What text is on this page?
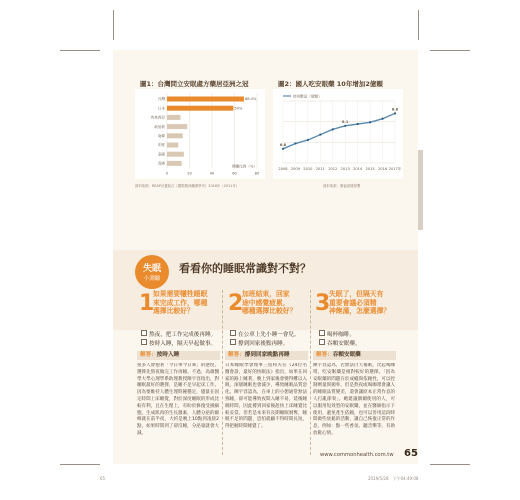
圖1：台灣問立安眠處方藥居亞洲之冠
0	20	40	60	80
開藥比例（%）
台灣	68.4%
日本	59%
馬來西亞
新加坡
南韓
印度
泰國
香港
資料來源：REAP計畫結合《國際精神藥理學刊》2016年（2011年）
圖2：國人吃安眠藥 10年增加2億顆
2008 2009 2010 2011 2012 2013 2014 2015 2016 2017年
使用數量（億顆）
6.8
8.1
8.8
資料來源：衛福部健保署
失眠
小測驗
看看你的睡眠常識對不對？
1
如果需要犧牲睡眠
來完成工作，哪種
選擇比較好？
熬夜，把工作完成後再睡。
按時入睡，隔天早起做事。
2
加班結束，回家
途中感覺疲累，
哪種選擇比較好？
在公車上先小睡一會兒。
撐到回家後點再睡。
3
失眠了，但隔天有
重要會議必須精
神飽滿，怎麼選擇？
喝杯咖啡。
吞顆安眠藥。
解答：按時入睡	解答：撐到回家晚點再睡	解答：吞顆安眠藥
很多人會抱著「今日事今日畢」的態度，選擇先熬夜做完工作再睡。不過，高雄醫學大學心理學系助理教授陳宇容指出，對睡眠最好的選擇，是睡不足早起床工作。因為要維持人體生理時鐘穩定，儘量在固定時間上床睡覺，對於深度睡眠的形成比較有利，且在生理上，有助於修復受損細胞，生成肌肉的生長激素，人體分泌的巔峰就在前半夜，大約是晚上10點到凌晨2點，如果時間到了卻沒睡，分泌量就會大減。
日本睡眠學會理事三島和夫在《24位名醫會診，最好的快眠法》指出，如果在回家的路上睡著，晚上到家後會變得難以入眠，深層睡眠也會減少，導致睡眠品質惡化。陳宇容認為，在車上的小憩通常無法熟睡，卻可能導致夜間入睡不易，延後睡眠時間，因此撐到回家後趁快上床睡覺比較妥當。但若是本來有長期睡眠剝奪，睡眠不足的問題，恐怕就顧不得時間長短，得把握時間睡覺了。
陳宇容認為，若無法白天補眠，比起喝咖啡，吃安眠藥是相對較好的選擇。「因為安眠藥的問題在於成癮與依賴性，可以控制劑量與頻率，但是熬夜或喝咖啡會讓人的睡眠品質變差，還會讓原本正常作息的人打亂節奏」。她建議偶爾使用的人，可以服用短效型的安眠藥，並在醫師指示下使用，避免產生依賴，也可以善用這段時間做些放鬆的活動，讓自己恢復正常的作息，例如：點一些香氛、聽音樂等，有助放鬆心情。
www.commonhealth.com.tw 65
65	2019/5/28　下午04:49:08
